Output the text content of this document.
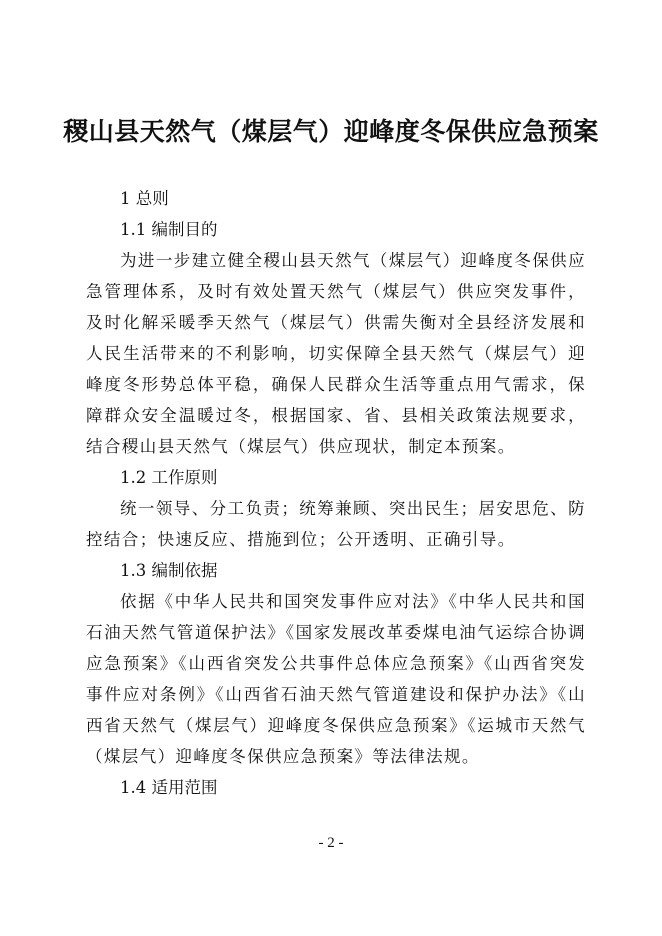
稷山县天然气（煤层气）迎峰度冬保供应急预案

1 总则

1.1 编制目的

为进一步建立健全稷山县天然气（煤层气）迎峰度冬保供应急管理体系，及时有效处置天然气（煤层气）供应突发事件，及时化解采暖季天然气（煤层气）供需失衡对全县经济发展和人民生活带来的不利影响，切实保障全县天然气（煤层气）迎峰度冬形势总体平稳，确保人民群众生活等重点用气需求，保障群众安全温暖过冬，根据国家、省、县相关政策法规要求，结合稷山县天然气（煤层气）供应现状，制定本预案。

1.2 工作原则

统一领导、分工负责；统筹兼顾、突出民生；居安思危、防控结合；快速反应、措施到位；公开透明、正确引导。

1.3 编制依据

依据《中华人民共和国突发事件应对法》《中华人民共和国石油天然气管道保护法》《国家发展改革委煤电油气运综合协调应急预案》《山西省突发公共事件总体应急预案》《山西省突发事件应对条例》《山西省石油天然气管道建设和保护办法》《山西省天然气（煤层气）迎峰度冬保供应急预案》《运城市天然气（煤层气）迎峰度冬保供应急预案》等法律法规。

1.4 适用范围

- 2 -
